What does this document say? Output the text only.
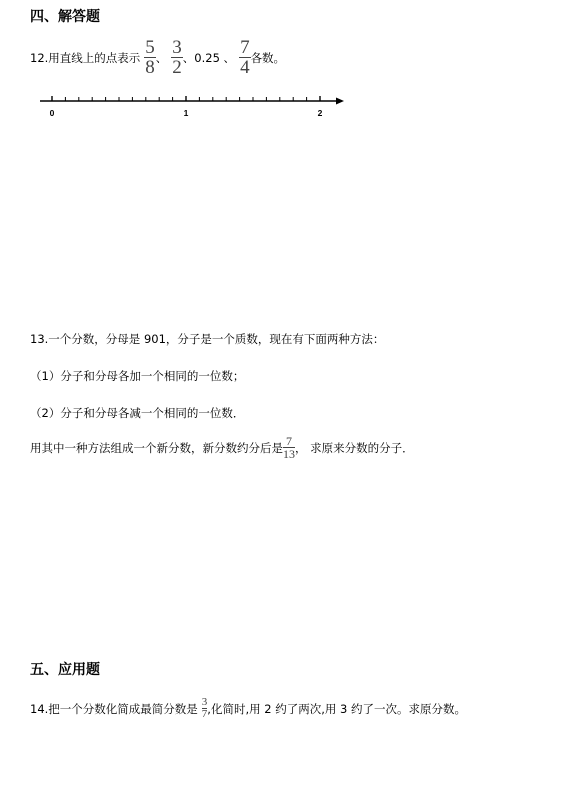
四、解答题
12.用直线上的点表示 $\frac{5}{8}$ 、 $\frac{3}{2}$ 、0.25 、 $\frac{7}{4}$ 各数。
0	1	2
13.一个分数，分母是 901，分子是一个质数，现在有下面两种方法：
（1）分子和分母各加一个相同的一位数；
（2）分子和分母各减一个相同的一位数．
用其中一种方法组成一个新分数，新分数约分后是 $\frac{7}{13}$ ， 求原来分数的分子．
五、应用题
14.把一个分数化简成最简分数是 $\frac{3}{7}$ ,化简时,用 2 约了两次,用 3 约了一次。求原分数。
